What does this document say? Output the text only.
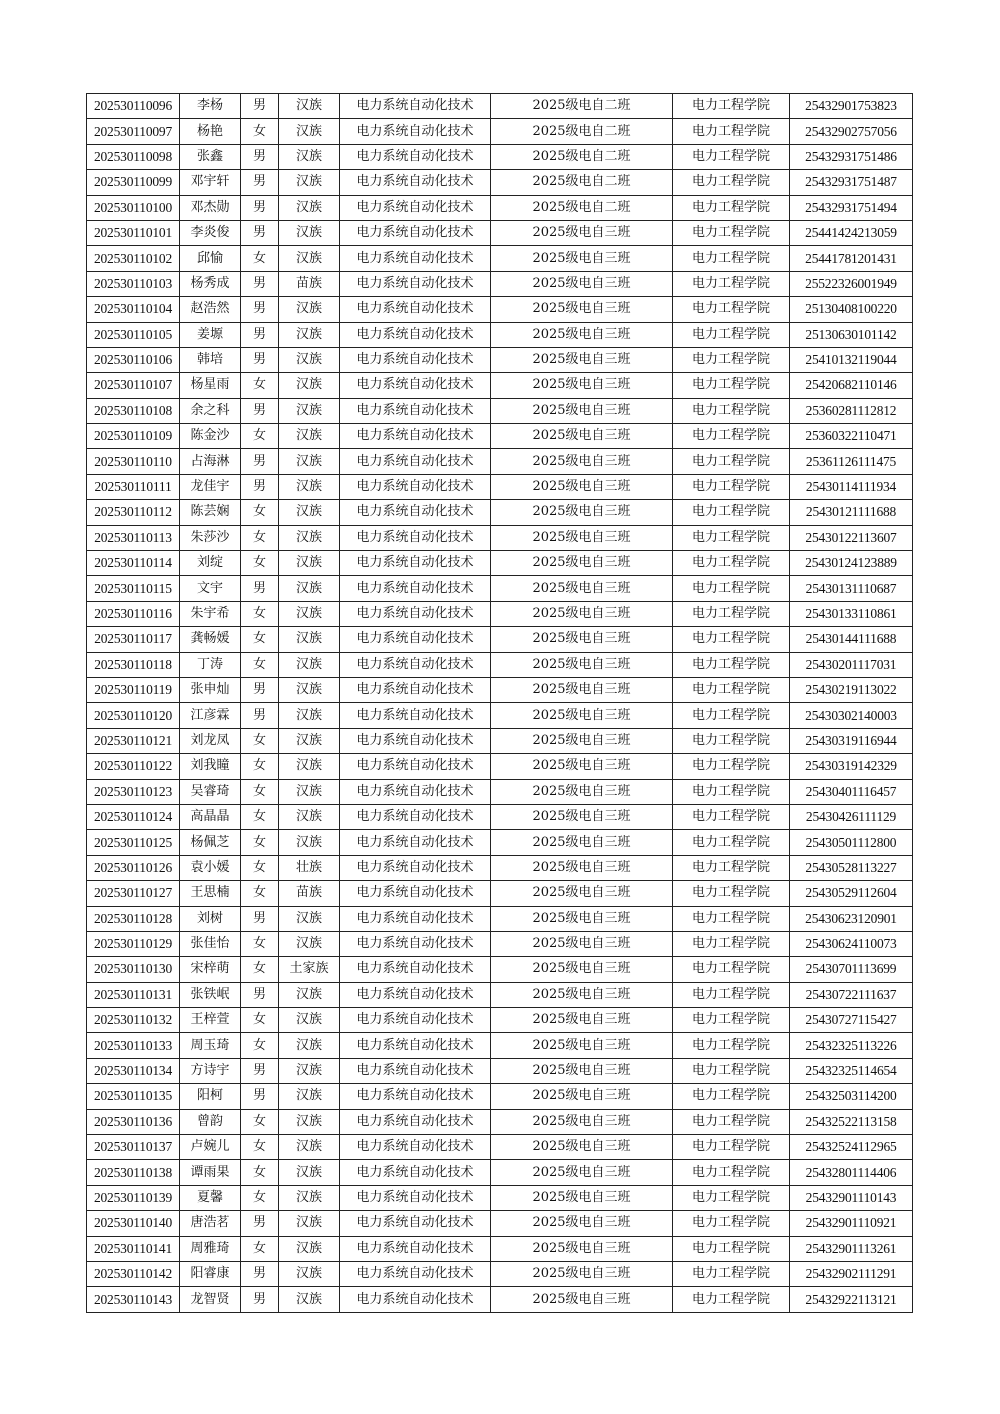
202530110096	李杨	男	汉族	电力系统自动化技术	2025级电自二班	电力工程学院	25432901753823
202530110097	杨艳	女	汉族	电力系统自动化技术	2025级电自二班	电力工程学院	25432902757056
202530110098	张鑫	男	汉族	电力系统自动化技术	2025级电自二班	电力工程学院	25432931751486
202530110099	邓宇轩	男	汉族	电力系统自动化技术	2025级电自二班	电力工程学院	25432931751487
202530110100	邓杰勋	男	汉族	电力系统自动化技术	2025级电自二班	电力工程学院	25432931751494
202530110101	李炎俊	男	汉族	电力系统自动化技术	2025级电自三班	电力工程学院	25441424213059
202530110102	邱愉	女	汉族	电力系统自动化技术	2025级电自三班	电力工程学院	25441781201431
202530110103	杨秀成	男	苗族	电力系统自动化技术	2025级电自三班	电力工程学院	25522326001949
202530110104	赵浩然	男	汉族	电力系统自动化技术	2025级电自三班	电力工程学院	25130408100220
202530110105	姜塬	男	汉族	电力系统自动化技术	2025级电自三班	电力工程学院	25130630101142
202530110106	韩培	男	汉族	电力系统自动化技术	2025级电自三班	电力工程学院	25410132119044
202530110107	杨星雨	女	汉族	电力系统自动化技术	2025级电自三班	电力工程学院	25420682110146
202530110108	余之科	男	汉族	电力系统自动化技术	2025级电自三班	电力工程学院	25360281112812
202530110109	陈金沙	女	汉族	电力系统自动化技术	2025级电自三班	电力工程学院	25360322110471
202530110110	占海淋	男	汉族	电力系统自动化技术	2025级电自三班	电力工程学院	25361126111475
202530110111	龙佳宇	男	汉族	电力系统自动化技术	2025级电自三班	电力工程学院	25430114111934
202530110112	陈芸娴	女	汉族	电力系统自动化技术	2025级电自三班	电力工程学院	25430121111688
202530110113	朱莎沙	女	汉族	电力系统自动化技术	2025级电自三班	电力工程学院	25430122113607
202530110114	刘绽	女	汉族	电力系统自动化技术	2025级电自三班	电力工程学院	25430124123889
202530110115	文宇	男	汉族	电力系统自动化技术	2025级电自三班	电力工程学院	25430131110687
202530110116	朱宇希	女	汉族	电力系统自动化技术	2025级电自三班	电力工程学院	25430133110861
202530110117	龚畅媛	女	汉族	电力系统自动化技术	2025级电自三班	电力工程学院	25430144111688
202530110118	丁涛	女	汉族	电力系统自动化技术	2025级电自三班	电力工程学院	25430201117031
202530110119	张申灿	男	汉族	电力系统自动化技术	2025级电自三班	电力工程学院	25430219113022
202530110120	江彦霖	男	汉族	电力系统自动化技术	2025级电自三班	电力工程学院	25430302140003
202530110121	刘龙凤	女	汉族	电力系统自动化技术	2025级电自三班	电力工程学院	25430319116944
202530110122	刘我瞳	女	汉族	电力系统自动化技术	2025级电自三班	电力工程学院	25430319142329
202530110123	吴睿琦	女	汉族	电力系统自动化技术	2025级电自三班	电力工程学院	25430401116457
202530110124	高晶晶	女	汉族	电力系统自动化技术	2025级电自三班	电力工程学院	25430426111129
202530110125	杨佩芝	女	汉族	电力系统自动化技术	2025级电自三班	电力工程学院	25430501112800
202530110126	袁小媛	女	壮族	电力系统自动化技术	2025级电自三班	电力工程学院	25430528113227
202530110127	王思楠	女	苗族	电力系统自动化技术	2025级电自三班	电力工程学院	25430529112604
202530110128	刘树	男	汉族	电力系统自动化技术	2025级电自三班	电力工程学院	25430623120901
202530110129	张佳怡	女	汉族	电力系统自动化技术	2025级电自三班	电力工程学院	25430624110073
202530110130	宋梓萌	女	土家族	电力系统自动化技术	2025级电自三班	电力工程学院	25430701113699
202530110131	张铁岷	男	汉族	电力系统自动化技术	2025级电自三班	电力工程学院	25430722111637
202530110132	王梓萱	女	汉族	电力系统自动化技术	2025级电自三班	电力工程学院	25430727115427
202530110133	周玉琦	女	汉族	电力系统自动化技术	2025级电自三班	电力工程学院	25432325113226
202530110134	方诗宇	男	汉族	电力系统自动化技术	2025级电自三班	电力工程学院	25432325114654
202530110135	阳柯	男	汉族	电力系统自动化技术	2025级电自三班	电力工程学院	25432503114200
202530110136	曾韵	女	汉族	电力系统自动化技术	2025级电自三班	电力工程学院	25432522113158
202530110137	卢婉儿	女	汉族	电力系统自动化技术	2025级电自三班	电力工程学院	25432524112965
202530110138	谭雨果	女	汉族	电力系统自动化技术	2025级电自三班	电力工程学院	25432801114406
202530110139	夏馨	女	汉族	电力系统自动化技术	2025级电自三班	电力工程学院	25432901110143
202530110140	唐浩茗	男	汉族	电力系统自动化技术	2025级电自三班	电力工程学院	25432901110921
202530110141	周雅琦	女	汉族	电力系统自动化技术	2025级电自三班	电力工程学院	25432901113261
202530110142	阳睿康	男	汉族	电力系统自动化技术	2025级电自三班	电力工程学院	25432902111291
202530110143	龙智贤	男	汉族	电力系统自动化技术	2025级电自三班	电力工程学院	25432922113121
